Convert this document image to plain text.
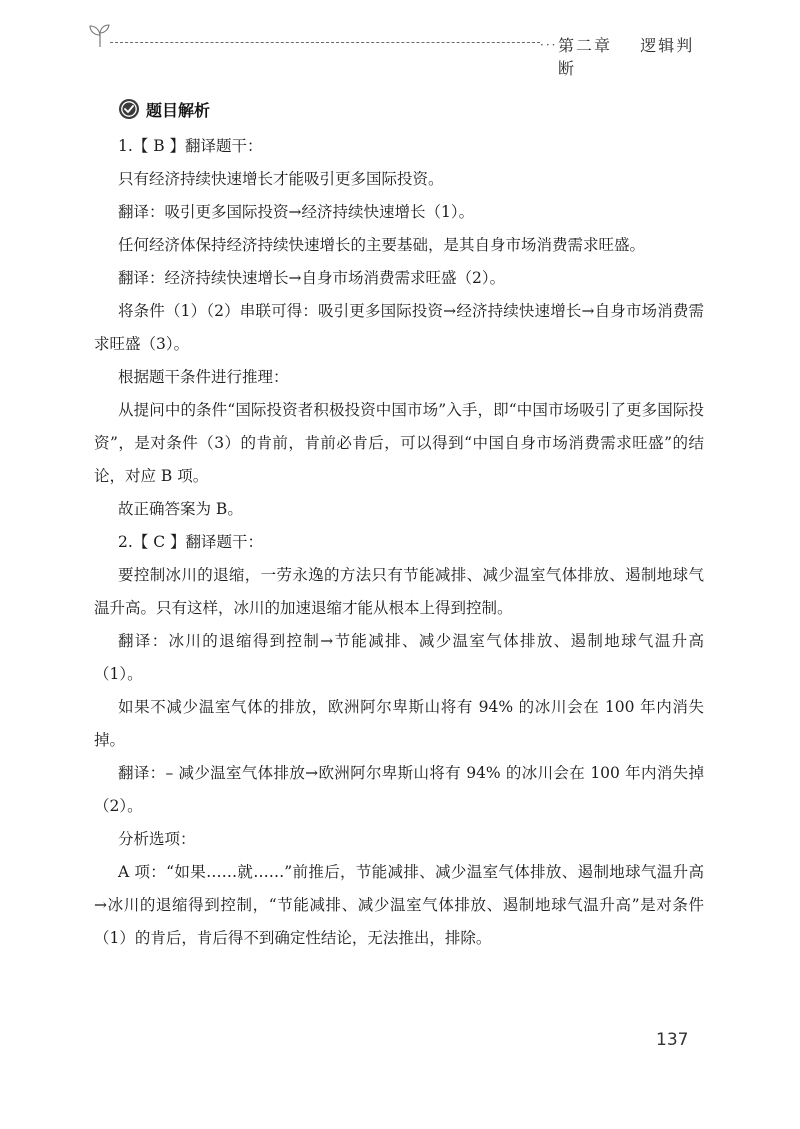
··· 第二章 逻辑判断
题目解析

1.【 B 】翻译题干：

只有经济持续快速增长才能吸引更多国际投资。

翻译：吸引更多国际投资→经济持续快速增长（1）。

任何经济体保持经济持续快速增长的主要基础，是其自身市场消费需求旺盛。

翻译：经济持续快速增长→自身市场消费需求旺盛（2）。

将条件（1）（2）串联可得：吸引更多国际投资→经济持续快速增长→自身市场消费需求旺盛（3）。

根据题干条件进行推理：

从提问中的条件“国际投资者积极投资中国市场”入手，即“中国市场吸引了更多国际投资”，是对条件（3）的肯前，肯前必肯后，可以得到“中国自身市场消费需求旺盛”的结论，对应 B 项。

故正确答案为 B。

2.【 C 】翻译题干：

要控制冰川的退缩，一劳永逸的方法只有节能减排、减少温室气体排放、遏制地球气温升高。只有这样，冰川的加速退缩才能从根本上得到控制。

翻译：冰川的退缩得到控制→节能减排、减少温室气体排放、遏制地球气温升高（1）。

如果不减少温室气体的排放，欧洲阿尔卑斯山将有 94% 的冰川会在 100 年内消失掉。

翻译：– 减少温室气体排放→欧洲阿尔卑斯山将有 94% 的冰川会在 100 年内消失掉（2）。

分析选项：

A 项：“如果……就……”前推后，节能减排、减少温室气体排放、遏制地球气温升高→冰川的退缩得到控制，“节能减排、减少温室气体排放、遏制地球气温升高”是对条件（1）的肯后，肯后得不到确定性结论，无法推出，排除。

137
